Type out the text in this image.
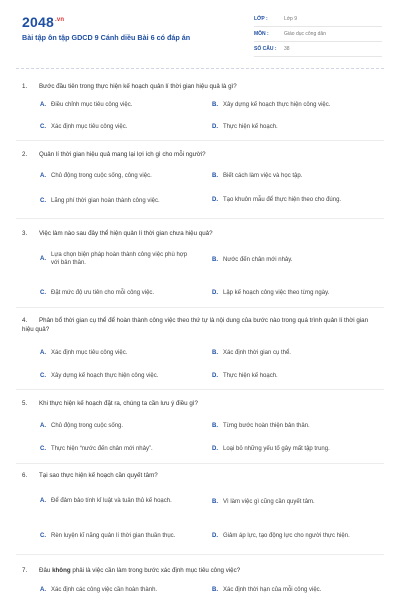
$2048^{.vn}$
Bài tập ôn tập GDCD 9 Cánh diều Bài 6 có đáp án
LỚP :	Lớp 9
MÔN :	Giáo dục công dân
SỐ CÂU :	38
1. Bước đầu tiên trong thực hiện kế hoạch quản lí thời gian hiệu quả là gì?
A. Điều chỉnh mục tiêu công việc.	B. Xây dựng kế hoạch thực hiện công việc.
C. Xác định mục tiêu công việc.	D. Thực hiện kế hoạch.
2. Quản lí thời gian hiệu quả mang lại lợi ích gì cho mỗi người?
A. Chủ động trong cuộc sống, công việc.	B. Biết cách làm việc và học tập.
C. Lãng phí thời gian hoàn thành công việc.	D. Tạo khuôn mẫu để thực hiện theo cho đúng.
3. Việc làm nào sau đây thể hiện quản lí thời gian chưa hiệu quả?
A.
Lựa chọn biện pháp hoàn thành công việc phù hợp với bản thân.	B. Nước đến chân mới nhảy.
C. Đặt mức độ ưu tiên cho mỗi công việc.	D. Lập kế hoạch công việc theo từng ngày.
4. Phân bổ thời gian cụ thể để hoàn thành công việc theo thứ tự là nội dung của bước nào trong quá trình quản lí thời gian hiệu quả?
A. Xác định mục tiêu công việc.	B. Xác định thời gian cụ thể.
C. Xây dựng kế hoạch thực hiện công việc.	D. Thực hiện kế hoạch.
5. Khi thực hiện kế hoạch đặt ra, chúng ta cần lưu ý điều gì?
A. Chủ động trong cuộc sống.	B. Từng bước hoàn thiện bản thân.
C. Thực hiện “nước đến chân mới nhảy”.	D. Loại bỏ những yếu tố gây mất tập trung.
6. Tại sao thực hiện kế hoạch cần quyết tâm?
A. Để đảm bảo tính kỉ luật và tuân thủ kế hoạch.	B. Vì làm việc gì cũng cần quyết tâm.
C. Rèn luyện kĩ năng quản lí thời gian thuần thục.	D. Giảm áp lực, tạo động lực cho người thực hiện.
7. Đâu không phải là việc cần làm trong bước xác định mục tiêu công việc?
A. Xác định các công việc cần hoàn thành.	B. Xác định thời hạn của mỗi công việc.
